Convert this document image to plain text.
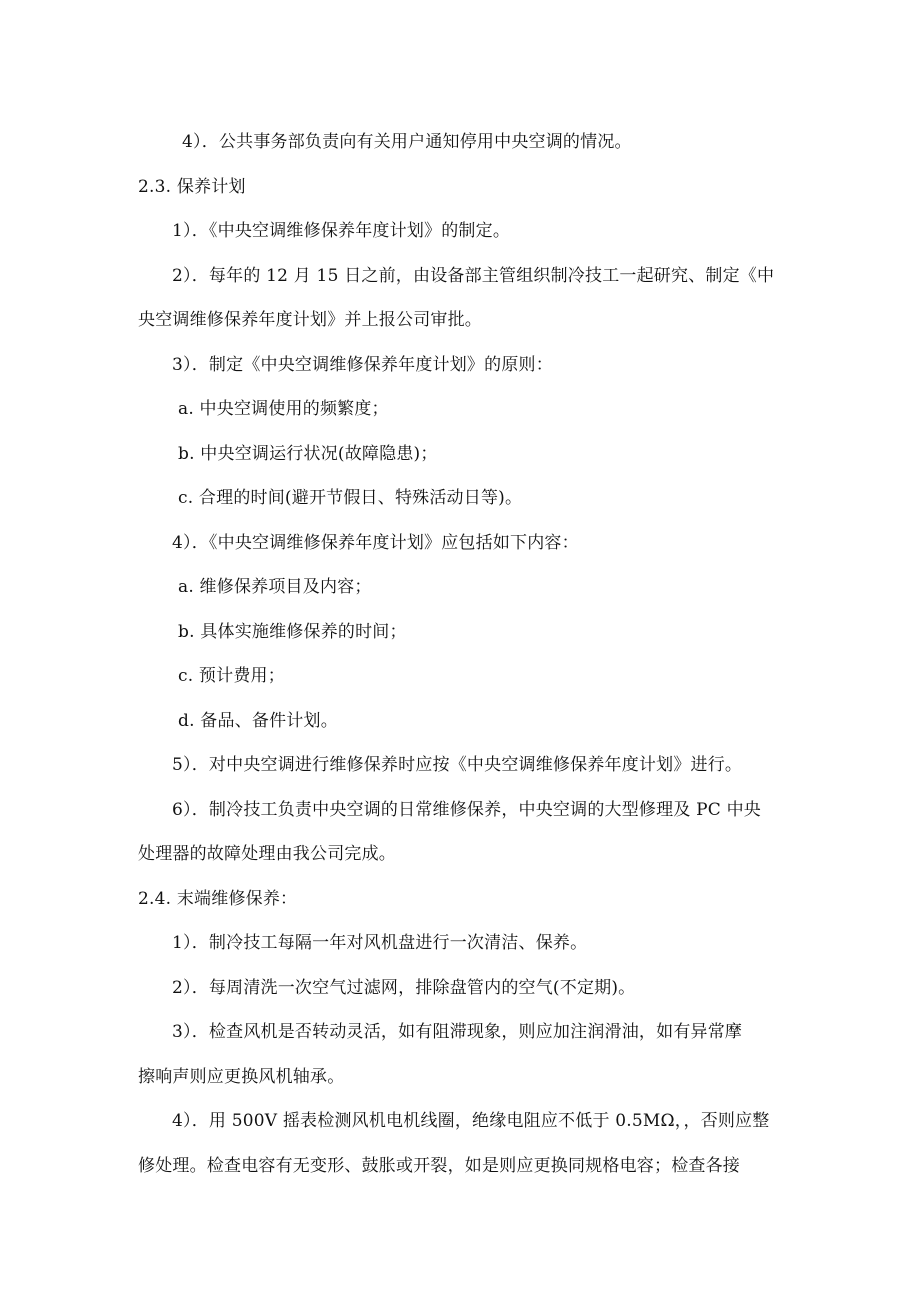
4）．公共事务部负责向有关用户通知停用中央空调的情况。
2.3. 保养计划
1）．《中央空调维修保养年度计划》的制定。
2）．每年的 12 月 15 日之前，由设备部主管组织制冷技工一起研究、制定《中
央空调维修保养年度计划》并上报公司审批。
3）．制定《中央空调维修保养年度计划》的原则：
a. 中央空调使用的频繁度；
b. 中央空调运行状况(故障隐患)；
c. 合理的时间(避开节假日、特殊活动日等)。
4）．《中央空调维修保养年度计划》应包括如下内容：
a. 维修保养项目及内容；
b. 具体实施维修保养的时间；
c. 预计费用；
d. 备品、备件计划。
5）．对中央空调进行维修保养时应按《中央空调维修保养年度计划》进行。
6）．制冷技工负责中央空调的日常维修保养，中央空调的大型修理及 PC 中央
处理器的故障处理由我公司完成。
2.4. 末端维修保养：
1）．制冷技工每隔一年对风机盘进行一次清洁、保养。
2）．每周清洗一次空气过滤网，排除盘管内的空气(不定期)。
3）．检查风机是否转动灵活，如有阻滞现象，则应加注润滑油，如有异常摩
擦响声则应更换风机轴承。
4）．用 500V 摇表检测风机电机线圈，绝缘电阻应不低于 0.5MΩ，，否则应整
修处理。检查电容有无变形、鼓胀或开裂，如是则应更换同规格电容；检查各接
